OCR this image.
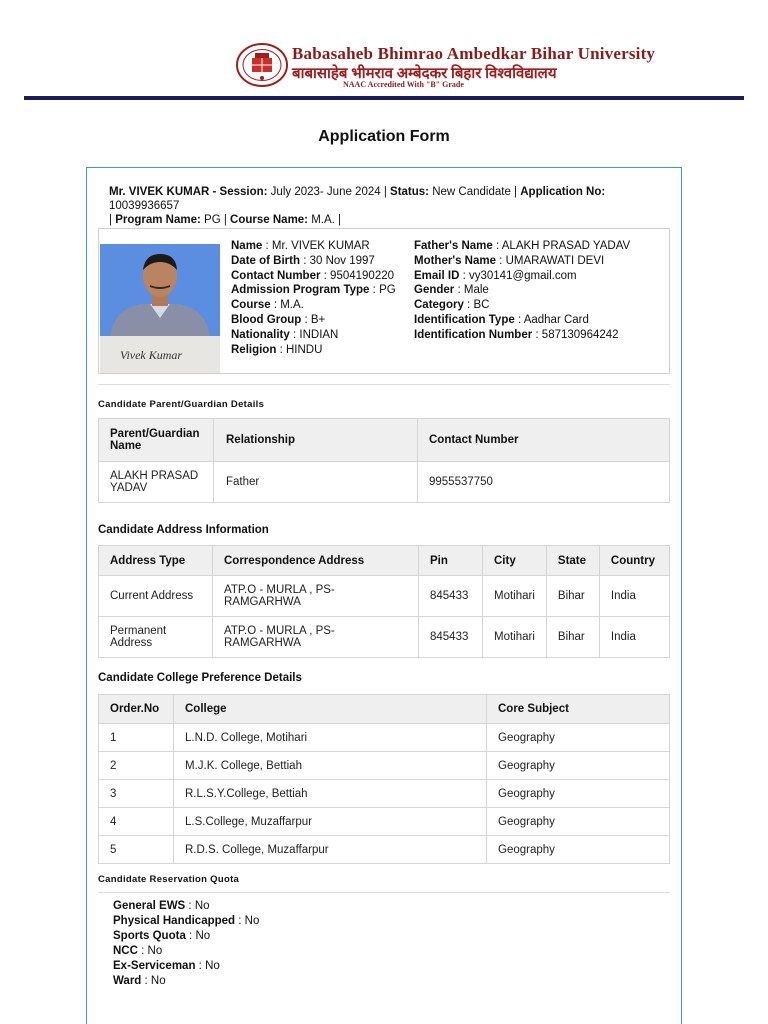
Babasaheb Bhimrao Ambedkar Bihar University
बाबासाहेब भीमराव अम्बेदकर बिहार विश्वविद्यालय
NAAC Accredited With "B" Grade
Application Form
Mr. VIVEK KUMAR - Session: July 2023- June 2024 | Status: New Candidate | Application No:
10039936657
| Program Name: PG | Course Name: M.A. |
Vivek Kumar
Name : Mr. VIVEK KUMAR
Date of Birth : 30 Nov 1997
Contact Number : 9504190220
Admission Program Type : PG
Course : M.A.
Blood Group : B+
Nationality : INDIAN
Religion : HINDU
Father's Name : ALAKH PRASAD YADAV
Mother's Name : UMARAWATI DEVI
Email ID : vy30141@gmail.com
Gender : Male
Category : BC
Identification Type : Aadhar Card
Identification Number : 587130964242
Candidate Parent/Guardian Details
Parent/Guardian Name	Relationship	Contact Number
ALAKH PRASAD YADAV	Father	9955537750
Candidate Address Information
Address Type	Correspondence Address	Pin	City	State	Country
Current Address	ATP.O - MURLA , PS-RAMGARHWA	845433	Motihari	Bihar	India
Permanent Address	ATP.O - MURLA , PS-RAMGARHWA	845433	Motihari	Bihar	India
Candidate College Preference Details
Order.No	College	Core Subject
1	L.N.D. College, Motihari	Geography
2	M.J.K. College, Bettiah	Geography
3	R.L.S.Y.College, Bettiah	Geography
4	L.S.College, Muzaffarpur	Geography
5	R.D.S. College, Muzaffarpur	Geography
Candidate Reservation Quota
General EWS : No
Physical Handicapped : No
Sports Quota : No
NCC : No
Ex-Serviceman : No
Ward : No
